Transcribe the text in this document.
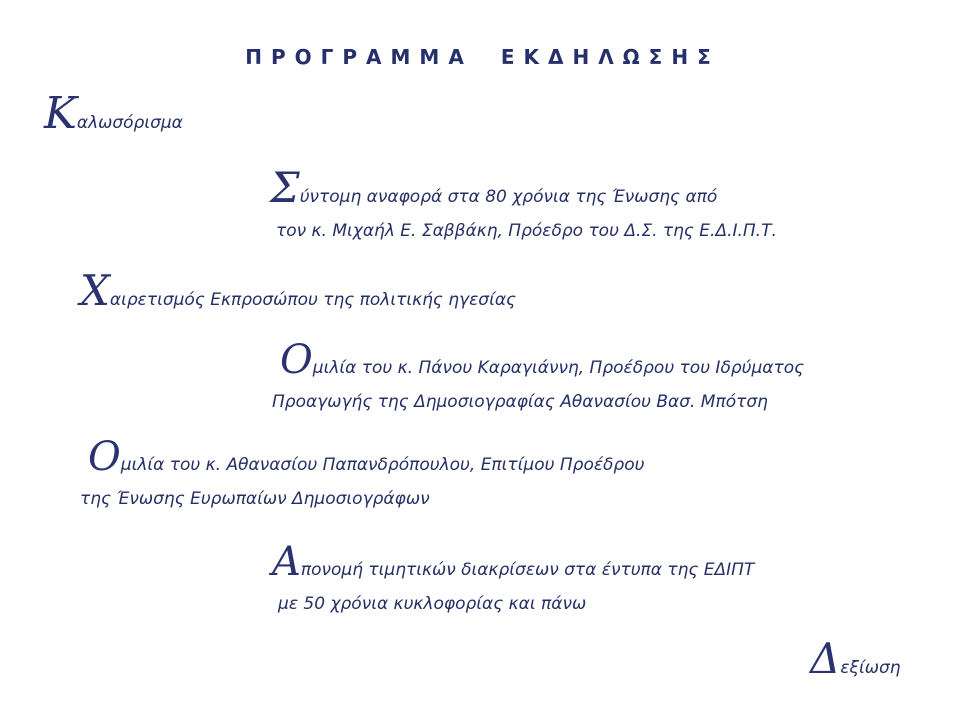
ΠΡΟΓΡΑΜΜΑ ΕΚΔΗΛΩΣΗΣ
Καλωσόρισμα
Σύντομη αναφορά στα 80 χρόνια της Ένωσης από
τον κ. Μιχαήλ Ε. Σαββάκη, Πρόεδρο του Δ.Σ. της Ε.Δ.Ι.Π.Τ.
Χαιρετισμός Εκπροσώπου της πολιτικής ηγεσίας
Ομιλία του κ. Πάνου Καραγιάννη, Προέδρου του Ιδρύματος
Προαγωγής της Δημοσιογραφίας Αθανασίου Βασ. Μπότση
Ομιλία του κ. Αθανασίου Παπανδρόπουλου, Επιτίμου Προέδρου
της Ένωσης Ευρωπαίων Δημοσιογράφων
Απονομή τιμητικών διακρίσεων στα έντυπα της ΕΔΙΠΤ
με 50 χρόνια κυκλοφορίας και πάνω
Δεξίωση
